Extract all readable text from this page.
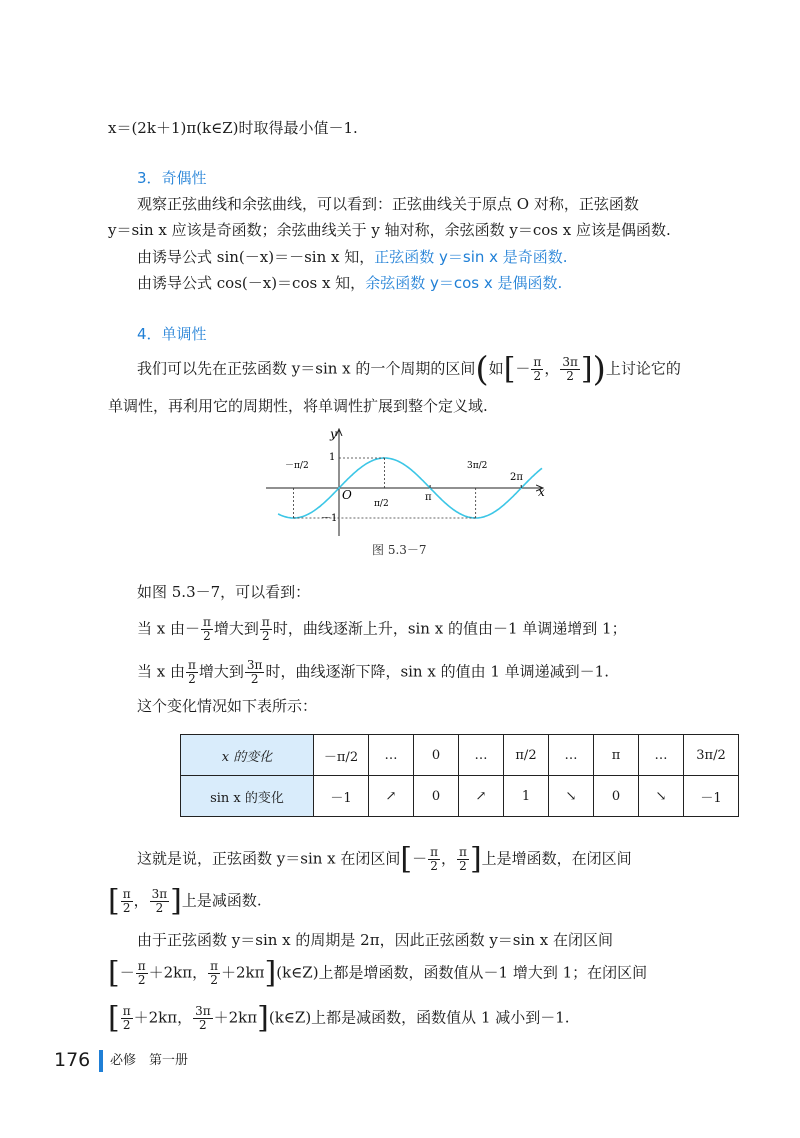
x＝(2k＋1)π(k∈Z)时取得最小值－1.
3．奇偶性
观察正弦曲线和余弦曲线，可以看到：正弦曲线关于原点 O 对称，正弦函数
y＝sin x 应该是奇函数；余弦曲线关于 y 轴对称，余弦函数 y＝cos x 应该是偶函数.
由诱导公式 sin(－x)＝－sin x 知，正弦函数 y＝sin x 是奇函数.
由诱导公式 cos(－x)＝cos x 知，余弦函数 y＝cos x 是偶函数.
4．单调性
我们可以先在正弦函数 y＝sin x 的一个周期的区间(如[－ $\frac{\pi}{2}$ ， $\frac{3\pi}{2}$ ])上讨论它的
单调性，再利用它的周期性，将单调性扩展到整个定义域.
y
x
O
1
－1
－π/2
π/2
π
3π/2
2π
图 5.3－7
如图 5.3－7，可以看到：
当 x 由－ $\frac{\pi}{2}$ 增大到 $\frac{\pi}{2}$ 时，曲线逐渐上升，sin x 的值由－1 单调递增到 1；
当 x 由 $\frac{\pi}{2}$ 增大到 $\frac{3\pi}{2}$ 时，曲线逐渐下降，sin x 的值由 1 单调递减到－1.
这个变化情况如下表所示：
x 的变化	－π/2	…	0	…	π/2	…	π	…	3π/2
sin x 的变化	－1	↗	0	↗	1	↘	0	↘	－1
这就是说，正弦函数 y＝sin x 在闭区间[－ $\frac{\pi}{2}$ ， $\frac{\pi}{2}$ ]上是增函数，在闭区间
[ $\frac{\pi}{2}$ ， $\frac{3\pi}{2}$ ]上是减函数.
由于正弦函数 y＝sin x 的周期是 2π，因此正弦函数 y＝sin x 在闭区间
[－ $\frac{\pi}{2} +2k\pi$， $\frac{\pi}{2}$ ＋2kπ](k∈Z)上都是增函数，函数值从－1 增大到 1；在闭区间
[ $\frac{\pi}{2} +2k\pi$， $\frac{3\pi}{2}$ ＋2kπ](k∈Z)上都是减函数，函数值从 1 减小到－1.
176 必修　第一册
